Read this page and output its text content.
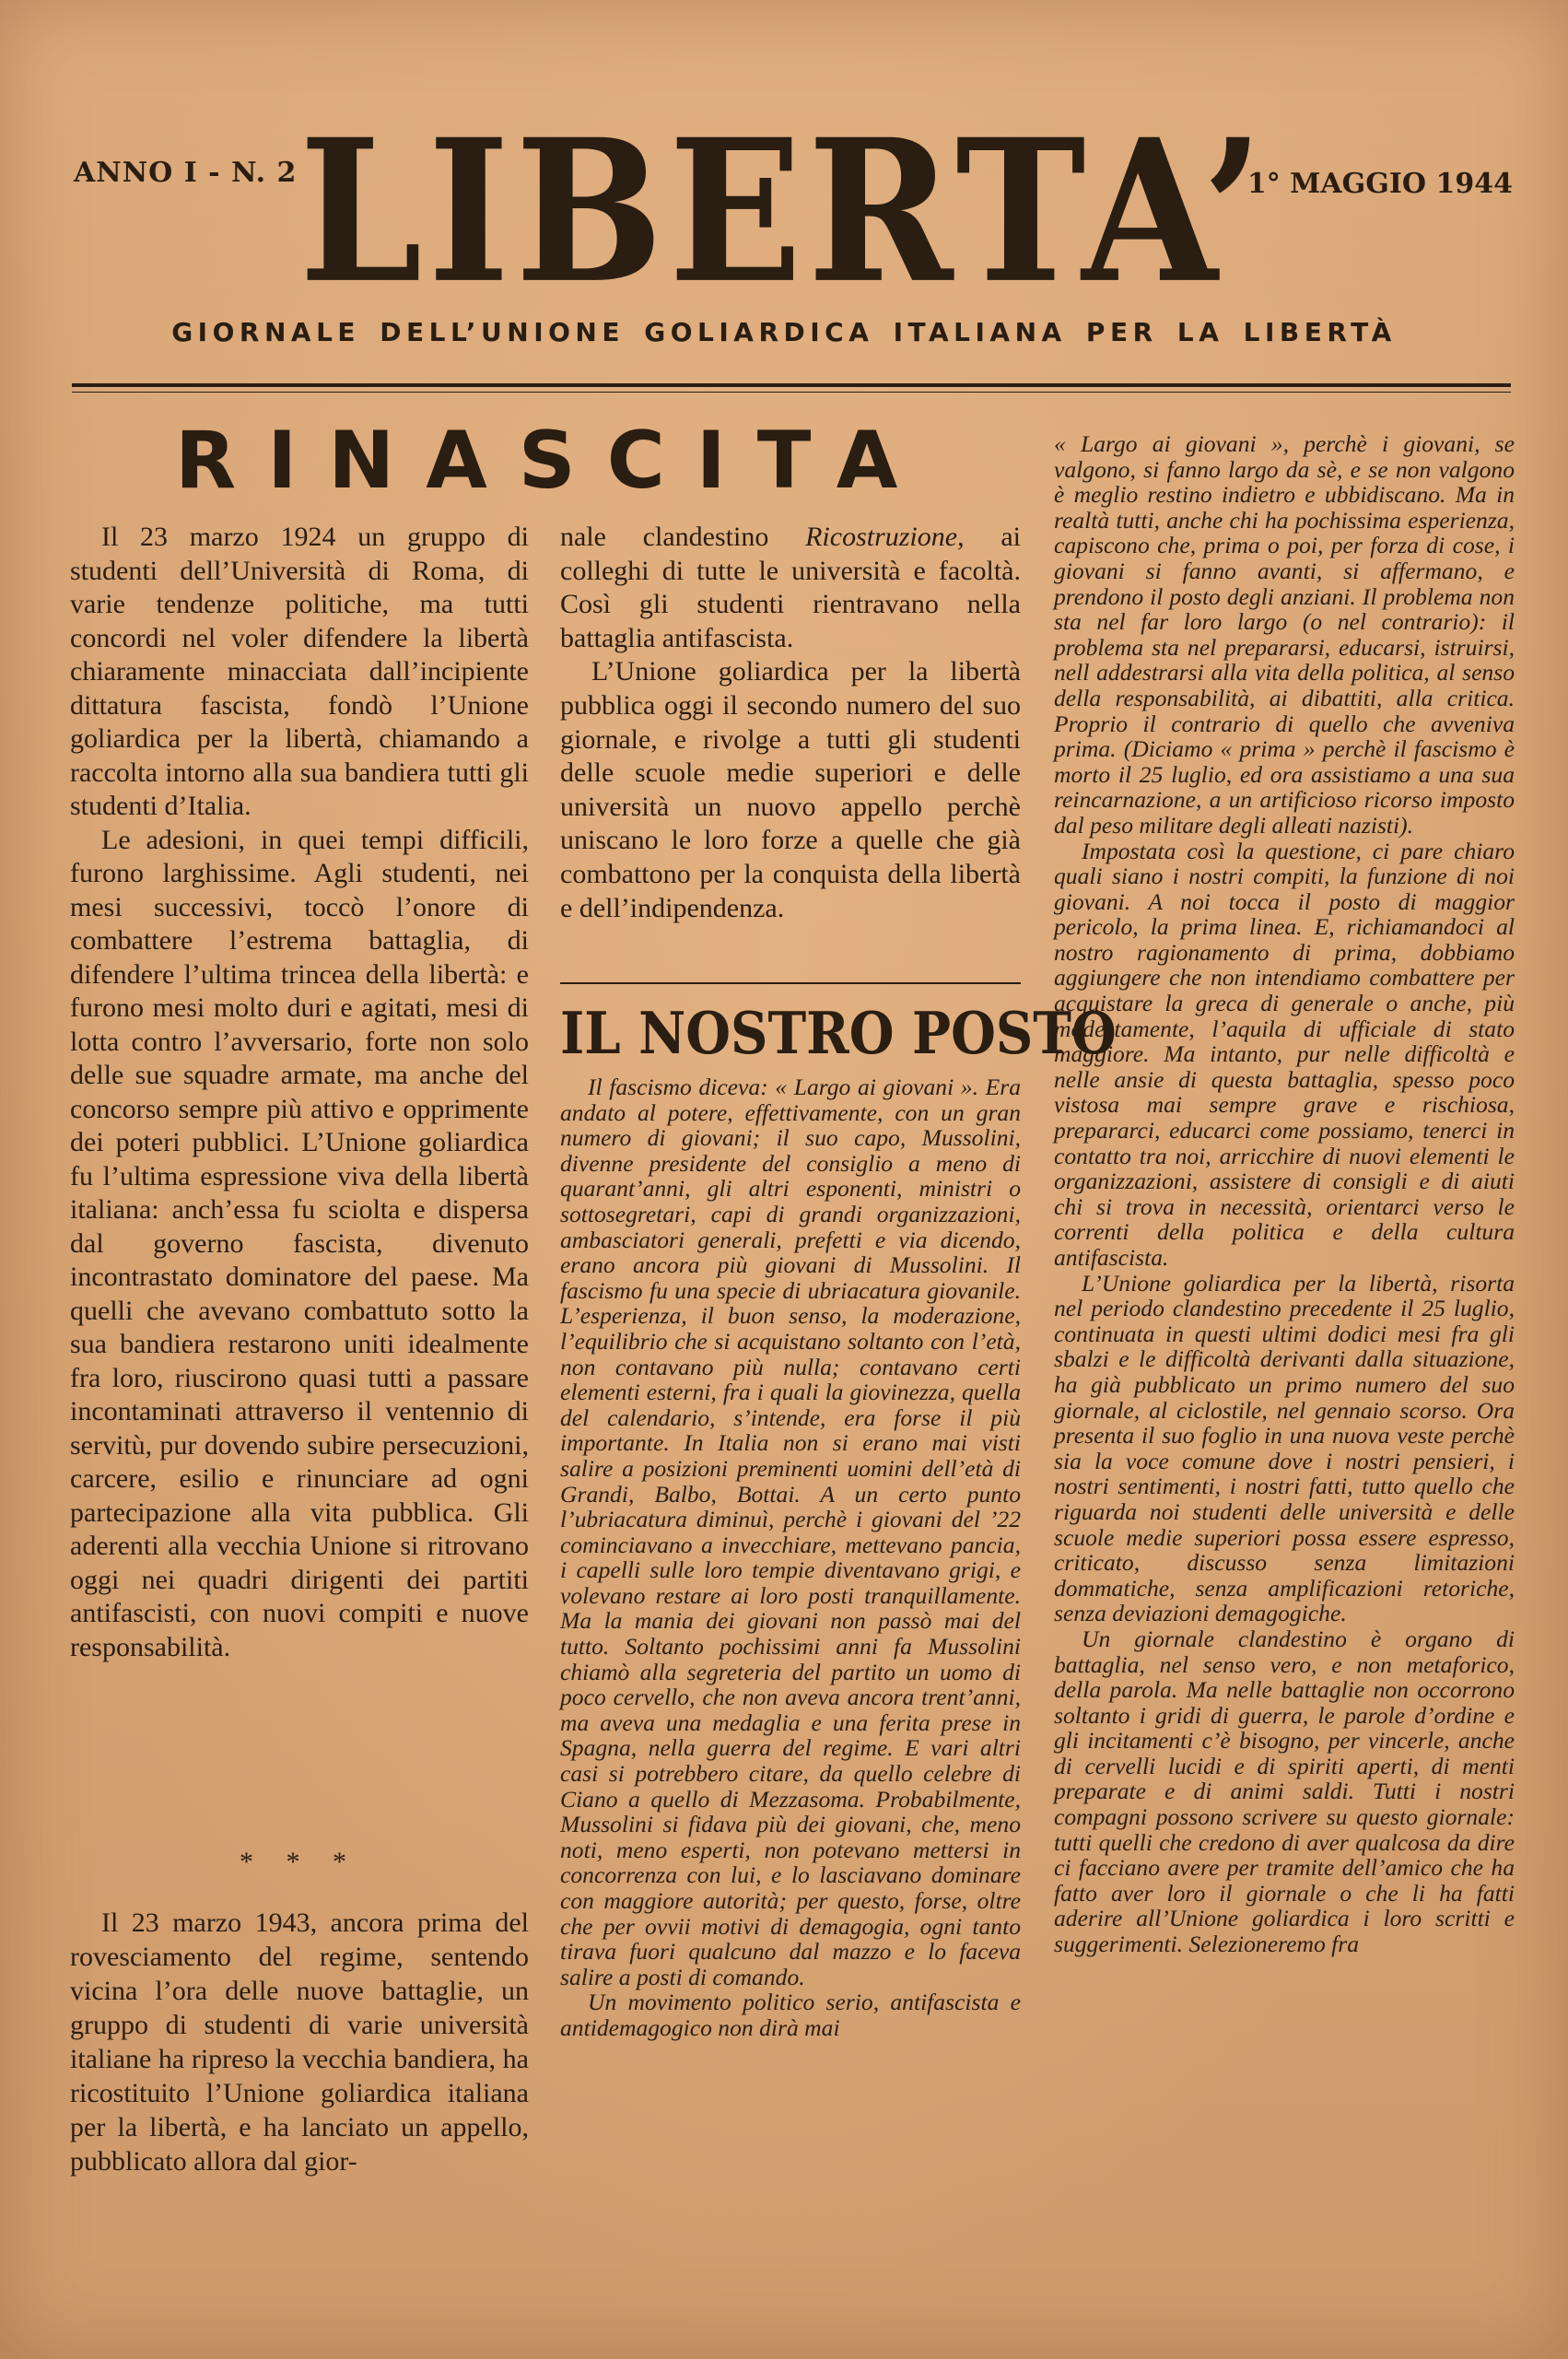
ANNO I - N. 2 LIBERTA’
1° MAGGIO 1944
GIORNALE DELL’UNIONE GOLIARDICA ITALIANA PER LA LIBERTÀ
RINASCITA

Il 23 marzo 1924 un gruppo di studenti dell’Università di Roma, di varie tendenze politiche, ma tutti concordi nel voler difendere la libertà chiaramente minacciata dall’incipiente dittatura fascista, fondò l’Unione goliardica per la libertà, chiamando a raccolta intorno alla sua bandiera tutti gli studenti d’Italia.

Le adesioni, in quei tempi difficili, furono larghissime. Agli studenti, nei mesi successivi, toccò l’onore di combattere l’estrema battaglia, di difendere l’ultima trincea della libertà: e furono mesi molto duri e agitati, mesi di lotta contro l’avversario, forte non solo delle sue squadre armate, ma anche del concorso sempre più attivo e opprimente dei poteri pubblici. L’Unione goliardica fu l’ultima espressione viva della libertà italiana: anch’essa fu sciolta e dispersa dal governo fascista, divenuto incontrastato dominatore del paese. Ma quelli che avevano combattuto sotto la sua bandiera restarono uniti idealmente fra loro, riuscirono quasi tutti a passare incontaminati attraverso il ventennio di servitù, pur dovendo subire persecuzioni, carcere, esilio e rinunciare ad ogni partecipazione alla vita pubblica. Gli aderenti alla vecchia Unione si ritrovano oggi nei quadri dirigenti dei partiti antifascisti, con nuovi compiti e nuove responsabilità.

* * *

Il 23 marzo 1943, ancora prima del rovesciamento del regime, sentendo vicina l’ora delle nuove battaglie, un gruppo di studenti di varie università italiane ha ripreso la vecchia bandiera, ha ricostituito l’Unione goliardica italiana per la libertà, e ha lanciato un appello, pubblicato allora dal gior-

nale clandestino Ricostruzione, ai colleghi di tutte le università e facoltà. Così gli studenti rientravano nella battaglia antifascista.

L’Unione goliardica per la libertà pubblica oggi il secondo numero del suo giornale, e rivolge a tutti gli studenti delle scuole medie superiori e delle università un nuovo appello perchè uniscano le loro forze a quelle che già combattono per la conquista della libertà e dell’indipendenza.

IL NOSTRO POSTO

Il fascismo diceva: « Largo ai giovani ». Era andato al potere, effettivamente, con un gran numero di giovani; il suo capo, Mussolini, divenne presidente del consiglio a meno di quarant’anni, gli altri esponenti, ministri o sottosegretari, capi di grandi organizzazioni, ambasciatori generali, prefetti e via dicendo, erano ancora più giovani di Mussolini. Il fascismo fu una specie di ubriacatura giovanile. L’esperienza, il buon senso, la moderazione, l’equilibrio che si acquistano soltanto con l’età, non contavano più nulla; contavano certi elementi esterni, fra i quali la giovinezza, quella del calendario, s’intende, era forse il più importante. In Italia non si erano mai visti salire a posizioni preminenti uomini dell’età di Grandi, Balbo, Bottai. A un certo punto l’ubriacatura diminuì, perchè i giovani del ’22 cominciavano a invecchiare, mettevano pancia, i capelli sulle loro tempie diventavano grigi, e volevano restare ai loro posti tranquillamente. Ma la mania dei giovani non passò mai del tutto. Soltanto pochissimi anni fa Mussolini chiamò alla segreteria del partito un uomo di poco cervello, che non aveva ancora trent’anni, ma aveva una medaglia e una ferita prese in Spagna, nella guerra del regime. E vari altri casi si potrebbero citare, da quello celebre di Ciano a quello di Mezzasoma. Probabilmente, Mussolini si fidava più dei giovani, che, meno noti, meno esperti, non potevano mettersi in concorrenza con lui, e lo lasciavano dominare con maggiore autorità; per questo, forse, oltre che per ovvii motivi di demagogia, ogni tanto tirava fuori qualcuno dal mazzo e lo faceva salire a posti di comando.

Un movimento politico serio, antifascista e antidemagogico non dirà mai

« Largo ai giovani », perchè i giovani, se valgono, si fanno largo da sè, e se non valgono è meglio restino indietro e ubbidiscano. Ma in realtà tutti, anche chi ha pochissima esperienza, capiscono che, prima o poi, per forza di cose, i giovani si fanno avanti, si affermano, e prendono il posto degli anziani. Il problema non sta nel far loro largo (o nel contrario): il problema sta nel prepararsi, educarsi, istruirsi, nell addestrarsi alla vita della politica, al senso della responsabilità, ai dibattiti, alla critica. Proprio il contrario di quello che avveniva prima. (Diciamo « prima » perchè il fascismo è morto il 25 luglio, ed ora assistiamo a una sua reincarnazione, a un artificioso ricorso imposto dal peso militare degli alleati nazisti).

Impostata così la questione, ci pare chiaro quali siano i nostri compiti, la funzione di noi giovani. A noi tocca il posto di maggior pericolo, la prima linea. E, richiamandoci al nostro ragionamento di prima, dobbiamo aggiungere che non intendiamo combattere per acquistare la greca di generale o anche, più modestamente, l’aquila di ufficiale di stato maggiore. Ma intanto, pur nelle difficoltà e nelle ansie di questa battaglia, spesso poco vistosa mai sempre grave e rischiosa, prepararci, educarci come possiamo, tenerci in contatto tra noi, arricchire di nuovi elementi le organizzazioni, assistere di consigli e di aiuti chi si trova in necessità, orientarci verso le correnti della politica e della cultura antifascista.

L’Unione goliardica per la libertà, risorta nel periodo clandestino precedente il 25 luglio, continuata in questi ultimi dodici mesi fra gli sbalzi e le difficoltà derivanti dalla situazione, ha già pubblicato un primo numero del suo giornale, al ciclostile, nel gennaio scorso. Ora presenta il suo foglio in una nuova veste perchè sia la voce comune dove i nostri pensieri, i nostri sentimenti, i nostri fatti, tutto quello che riguarda noi studenti delle università e delle scuole medie superiori possa essere espresso, criticato, discusso senza limitazioni dommatiche, senza amplificazioni retoriche, senza deviazioni demagogiche.

Un giornale clandestino è organo di battaglia, nel senso vero, e non metaforico, della parola. Ma nelle battaglie non occorrono soltanto i gridi di guerra, le parole d’ordine e gli incitamenti c’è bisogno, per vincerle, anche di cervelli lucidi e di spiriti aperti, di menti preparate e di animi saldi. Tutti i nostri compagni possono scrivere su questo giornale: tutti quelli che credono di aver qualcosa da dire ci facciano avere per tramite dell’amico che ha fatto aver loro il giornale o che li ha fatti aderire all’Unione goliardica i loro scritti e suggerimenti. Selezioneremo fra
